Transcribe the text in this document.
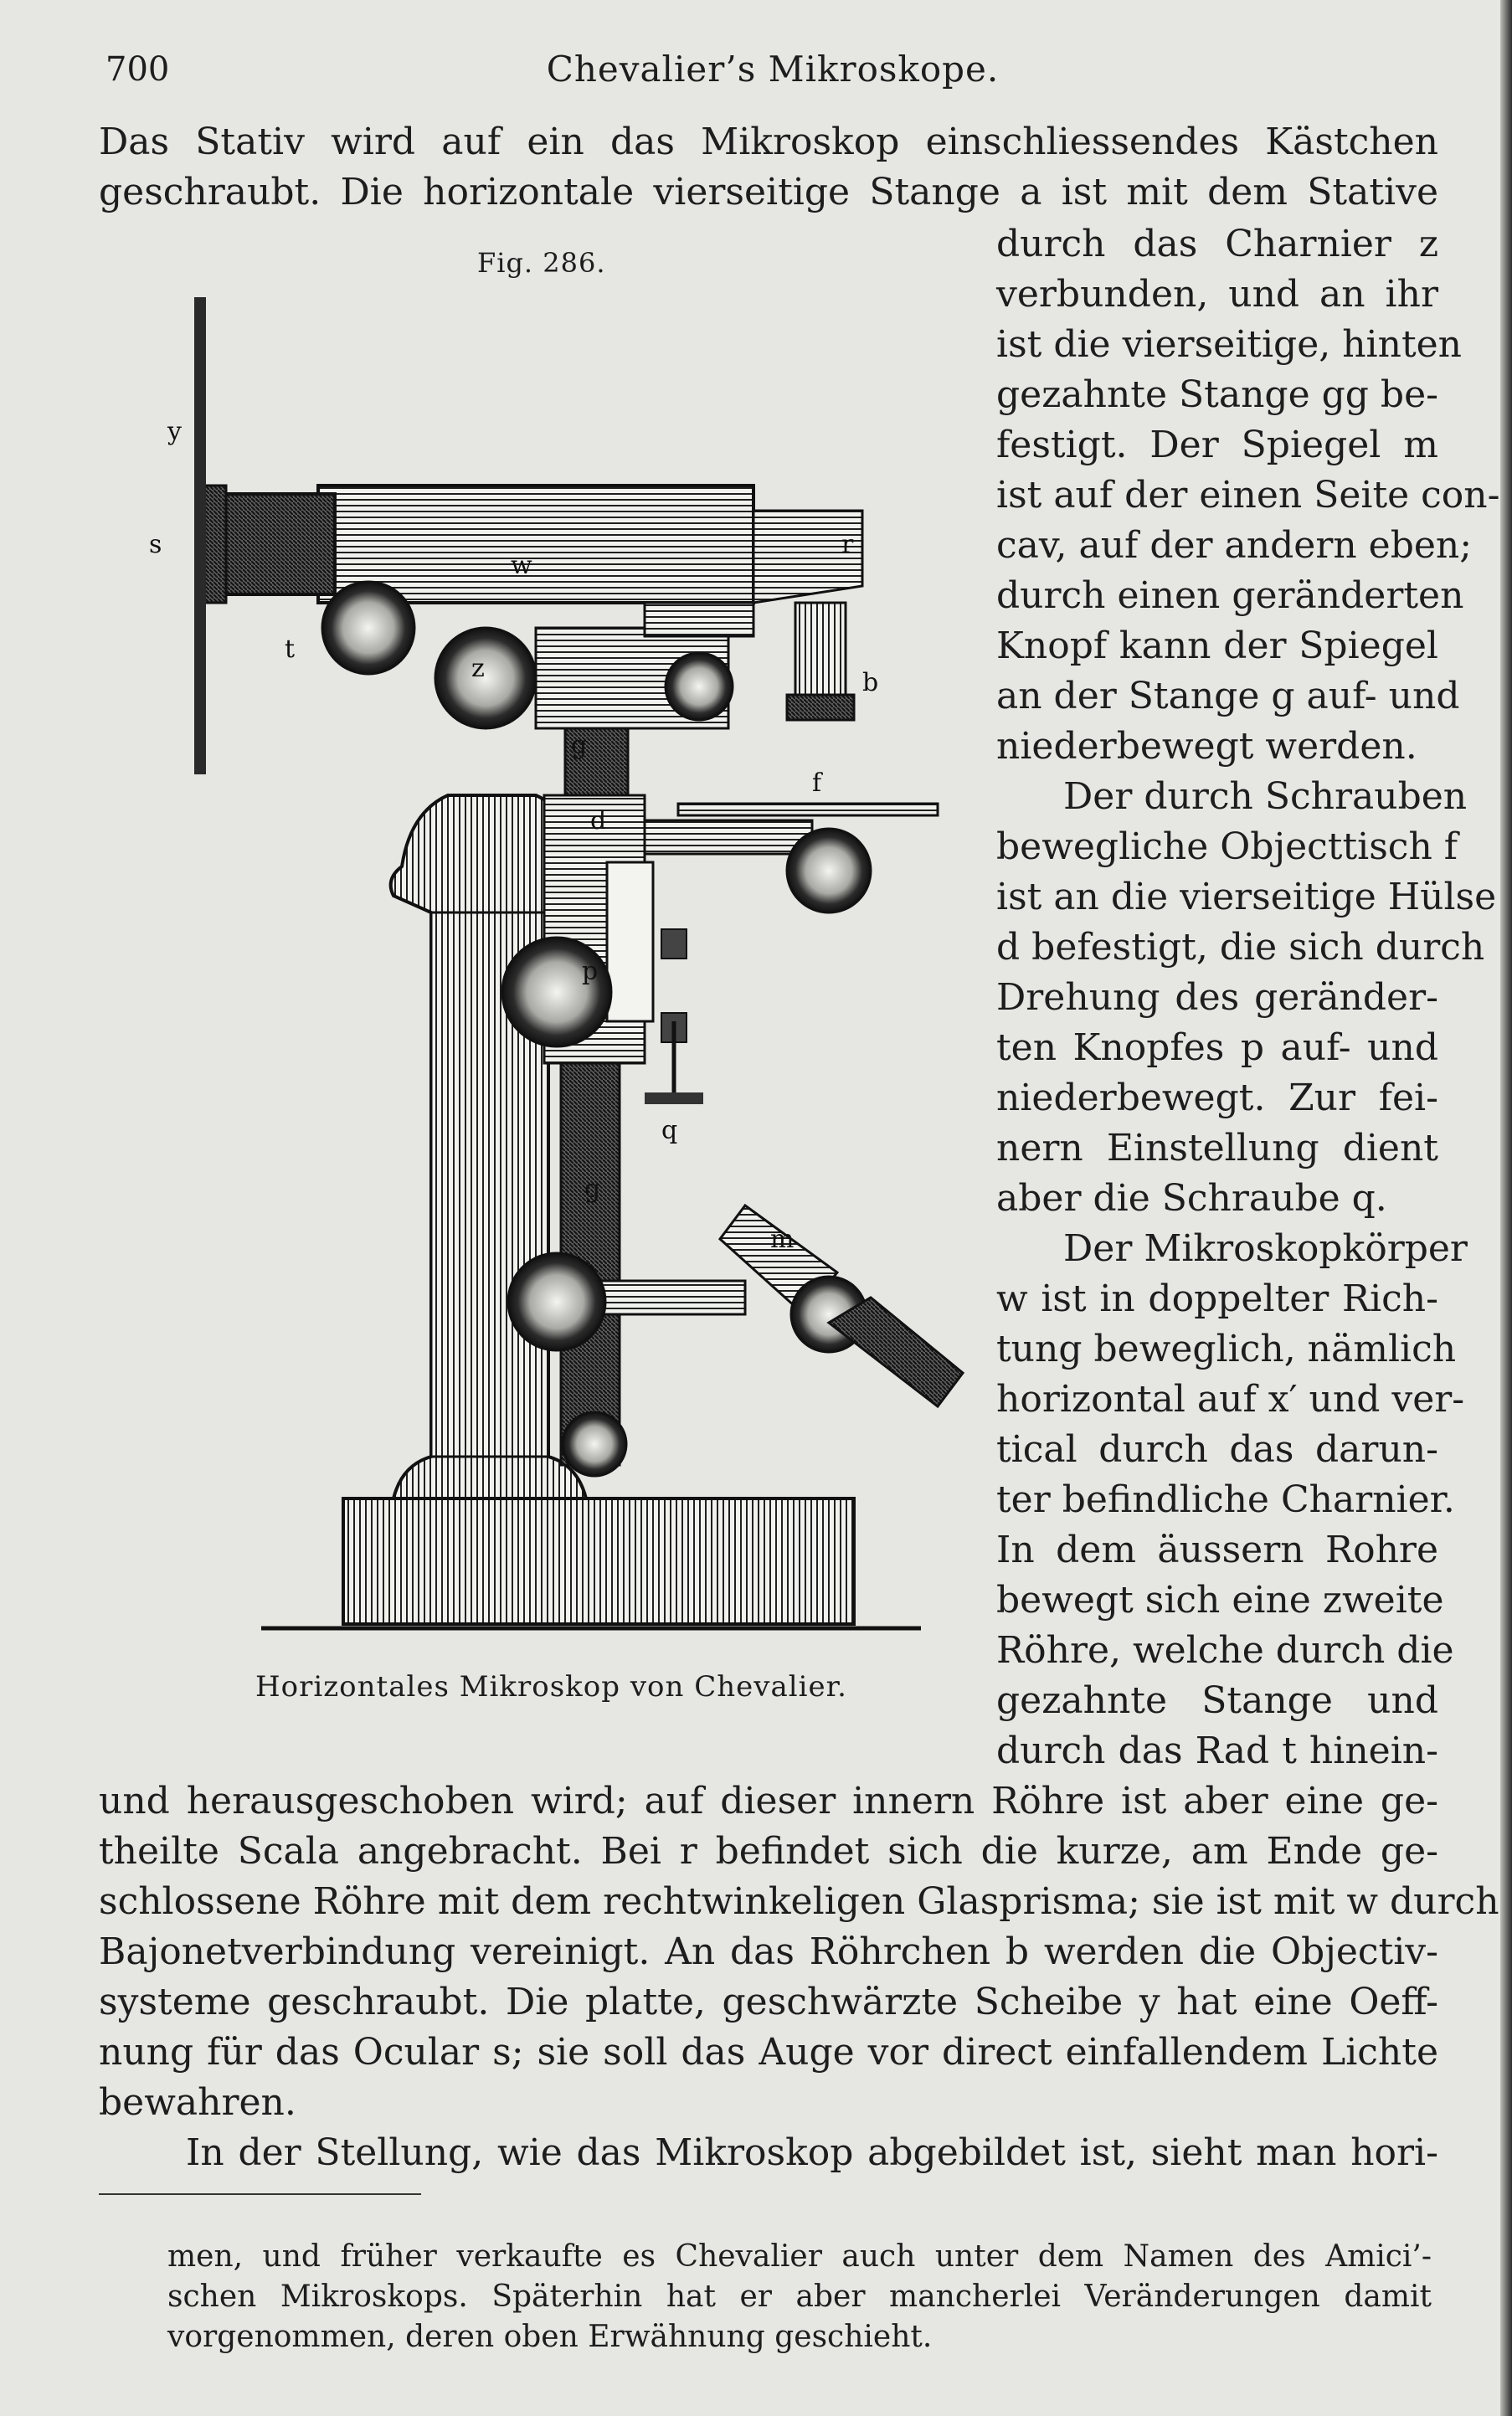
700	Chevalier’s Mikroskope.
Das Stativ wird auf ein das Mikroskop einschliessendes Kästchen
geschraubt. Die horizontale vierseitige Stange a ist mit dem Stative
durch das Charnier z
verbunden, und an ihr
ist die vierseitige, hinten
gezahnte Stange gg be-
festigt. Der Spiegel m
ist auf der einen Seite con-
cav, auf der andern eben;
durch einen geränderten
Knopf kann der Spiegel
an der Stange g auf- und
niederbewegt werden.
Der durch Schrauben
bewegliche Objecttisch f
ist an die vierseitige Hülse
d befestigt, die sich durch
Drehung des geränder-
ten Knopfes p auf- und
niederbewegt. Zur fei-
nern Einstellung dient
aber die Schraube q.
Der Mikroskopkörper
w ist in doppelter Rich-
tung beweglich, nämlich
horizontal auf x′ und ver-
tical durch das darun-
ter befindliche Charnier.
In dem äussern Rohre
bewegt sich eine zweite
Röhre, welche durch die
gezahnte Stange und
durch das Rad t hinein-
Fig. 286.
y
s
t
w
z
r
b
g
f
d
p
q
g
m
Horizontales Mikroskop von Chevalier.
und herausgeschoben wird; auf dieser innern Röhre ist aber eine ge-
theilte Scala angebracht. Bei r befindet sich die kurze, am Ende ge-
schlossene Röhre mit dem rechtwinkeligen Glasprisma; sie ist mit w durch
Bajonetverbindung vereinigt. An das Röhrchen b werden die Objectiv-
systeme geschraubt. Die platte, geschwärzte Scheibe y hat eine Oeff-
nung für das Ocular s; sie soll das Auge vor direct einfallendem Lichte
bewahren.
In der Stellung, wie das Mikroskop abgebildet ist, sieht man hori-
men, und früher verkaufte es Chevalier auch unter dem Namen des Amici’-
schen Mikroskops. Späterhin hat er aber mancherlei Veränderungen damit
vorgenommen, deren oben Erwähnung geschieht.
